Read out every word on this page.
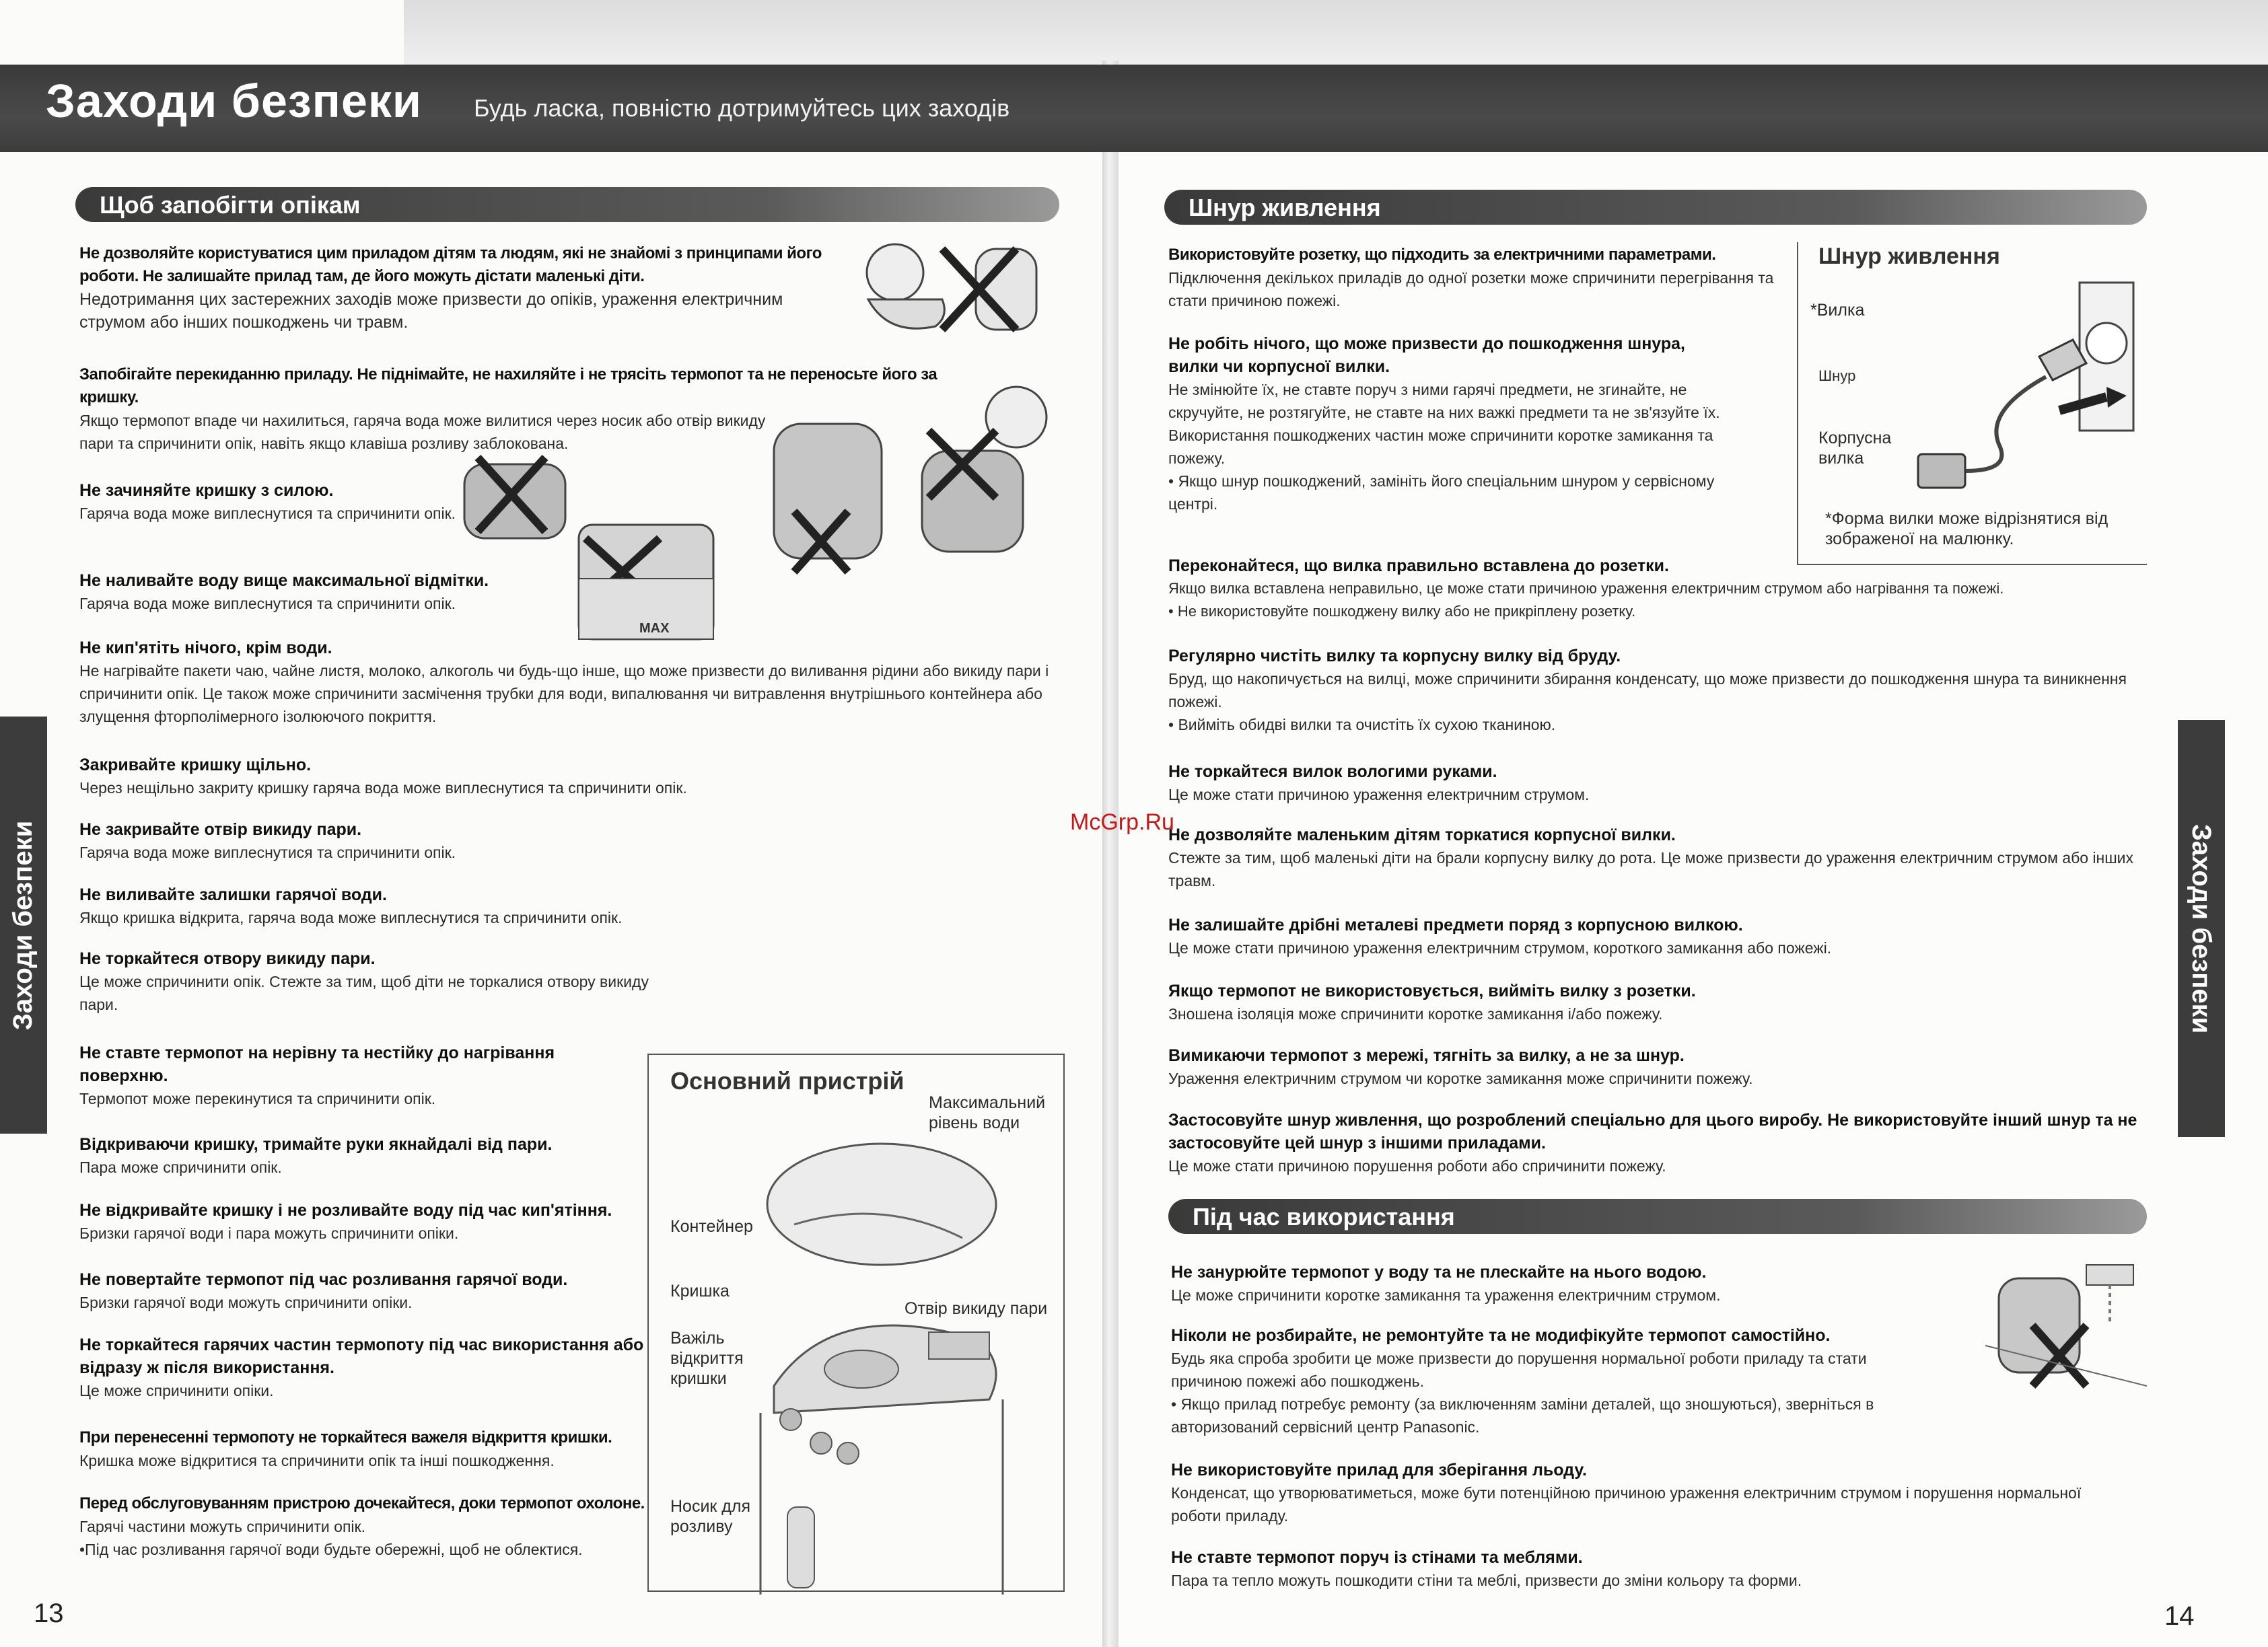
Заходи безпеки Будь ласка, повністю дотримуйтесь цих заходів
Заходи безпеки	Заходи безпеки
Щоб запобігти опікам
Не дозволяйте користуватися цим приладом дітям та людям, які не знайомі з принципами його роботи. Не залишайте прилад там, де його можуть дістати маленькі діти.
Недотримання цих застережних заходів може призвести до опіків, ураження електричним струмом або інших пошкоджень чи травм.
Запобігайте перекиданню приладу. Не піднімайте, не нахиляйте і не трясіть термопот та не переносьте його за кришку.
Якщо термопот впаде чи нахилиться, гаряча вода може вилитися через носик або отвір викиду пари та спричинити опік, навіть якщо клавіша розливу заблокована.
MAX
Не зачиняйте кришку з силою.
Гаряча вода може виплеснутися та спричинити опік.
Не наливайте воду вище максимальної відмітки.
Гаряча вода може виплеснутися та спричинити опік.
Не кип'ятіть нічого, крім води.
Не нагрівайте пакети чаю, чайне листя, молоко, алкоголь чи будь-що інше, що може призвести до виливання рідини або викиду пари і спричинити опік. Це також може спричинити засмічення трубки для води, випалювання чи витравлення внутрішнього контейнера або злущення фторполімерного ізолюючого покриття.
Закривайте кришку щільно.
Через нещільно закриту кришку гаряча вода може виплеснутися та спричинити опік.
Не закривайте отвір викиду пари.
Гаряча вода може виплеснутися та спричинити опік.
Не виливайте залишки гарячої води.
Якщо кришка відкрита, гаряча вода може виплеснутися та спричинити опік.
Не торкайтеся отвору викиду пари.
Це може спричинити опік. Стежте за тим, щоб діти не торкалися отвору викиду пари.
Не ставте термопот на нерівну та нестійку до нагрівання поверхню.
Термопот може перекинутися та спричинити опік.
Відкриваючи кришку, тримайте руки якнайдалі від пари.
Пара може спричинити опік.
Не відкривайте кришку і не розливайте воду під час кип'ятіння.
Бризки гарячої води і пара можуть спричинити опіки.
Не повертайте термопот під час розливання гарячої води.
Бризки гарячої води можуть спричинити опіки.
Не торкайтеся гарячих частин термопоту під час використання або відразу ж після використання.
Це може спричинити опіки.
При перенесенні термопоту не торкайтеся важеля відкриття кришки.
Кришка може відкритися та спричинити опік та інші пошкодження.
Перед обслуговуванням пристрою дочекайтеся, доки термопот охолоне.
Гарячі частини можуть спричинити опік.
•Під час розливання гарячої води будьте обережні, щоб не облектися.
Основний пристрій
Максимальний рівень води
Контейнер
Кришка
Отвір викиду пари
Важіль відкриття кришки
Носик для розливу
13
Шнур живлення
Використовуйте розетку, що підходить за електричними параметрами.
Підключення декількох приладів до одної розетки може спричинити перегрівання та стати причиною пожежі.
Не робіть нічого, що може призвести до пошкодження шнура, вилки чи корпусної вилки.
Не змінюйте їх, не ставте поруч з ними гарячі предмети, не згинайте, не скручуйте, не розтягуйте, не ставте на них важкі предмети та не зв'язуйте їх. Використання пошкоджених частин може спричинити коротке замикання та пожежу.
• Якщо шнур пошкоджений, замініть його спеціальним шнуром у сервісному центрі.
Шнур живлення
*Вилка
Шнур
Корпусна вилка
*Форма вилки може відрізнятися від зображеної на малюнку.
Переконайтеся, що вилка правильно вставлена до розетки.
Якщо вилка вставлена неправильно, це може стати причиною ураження електричним струмом або нагрівання та пожежі.
• Не використовуйте пошкоджену вилку або не прикріплену розетку.
Регулярно чистіть вилку та корпусну вилку від бруду.
Бруд, що накопичується на вилці, може спричинити збирання конденсату, що може призвести до пошкодження шнура та виникнення пожежі.
• Вийміть обидві вилки та очистіть їх сухою тканиною.
Не торкайтеся вилок вологими руками.
Це може стати причиною ураження електричним струмом.
Не дозволяйте маленьким дітям торкатися корпусної вилки.
Стежте за тим, щоб маленькі діти на брали корпусну вилку до рота. Це може призвести до ураження електричним струмом або інших травм.
Не залишайте дрібні металеві предмети поряд з корпусною вилкою.
Це може стати причиною ураження електричним струмом, короткого замикання або пожежі.
Якщо термопот не використовується, вийміть вилку з розетки.
Зношена ізоляція може спричинити коротке замикання і/або пожежу.
Вимикаючи термопот з мережі, тягніть за вилку, а не за шнур.
Ураження електричним струмом чи коротке замикання може спричинити пожежу.
Застосовуйте шнур живлення, що розроблений спеціально для цього виробу. Не використовуйте інший шнур та не застосовуйте цей шнур з іншими приладами.
Це може стати причиною порушення роботи або спричинити пожежу.
Під час використання
Не занурюйте термопот у воду та не плескайте на нього водою.
Це може спричинити коротке замикання та ураження електричним струмом.
Ніколи не розбирайте, не ремонтуйте та не модифікуйте термопот самостійно.
Будь яка спроба зробити це може призвести до порушення нормальної роботи приладу та стати причиною пожежі або пошкоджень.
• Якщо прилад потребує ремонту (за виключенням заміни деталей, що зношуються), зверніться в авторизований сервісний центр Panasonic.
Не використовуйте прилад для зберігання льоду.
Конденсат, що утворюватиметься, може бути потенційною причиною ураження електричним струмом і порушення нормальної роботи приладу.
Не ставте термопот поруч із стінами та меблями.
Пара та тепло можуть пошкодити стіни та меблі, призвести до зміни кольору та форми.
14
McGrp.Ru
